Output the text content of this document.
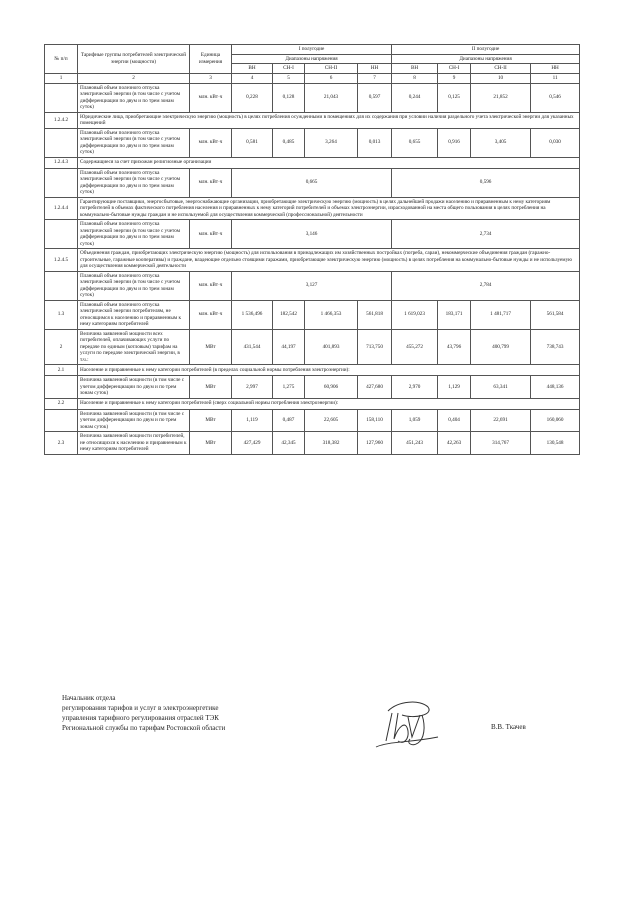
№ п/п	Тарифные группы потребителей электрической энергии (мощности)	Единица измерения	I полугодие				II полугодие			
			Диапазоны напряжения				Диапазоны напряжения			
			ВН	СН-I	СН-II	НН	ВН	СН-I	СН-II	НН
1	2	3	4	5	6	7	8	9	10	11
	Плановый объем полезного отпуска электрической энергии (в том числе с учетом дифференциации по двум и по трем зонам суток)	млн. кВт·ч	0,228	0,128	21,043	0,597	0,244	0,125	21,852	0,546
1.2.4.2	Юридические лица, приобретающие электрическую энергию (мощность) в целях потребления осужденными в помещениях для их содержания при условии наличия раздельного учета электрической энергии для указанных помещений									
	Плановый объем полезного отпуска электрической энергии (в том числе с учетом дифференциации по двум и по трем зонам суток)	млн. кВт·ч	0,581	0,485	3,264	0,013	0,655	0,916	3,405	0,030
1.2.4.3	Содержащиеся за счет прихожан религиозные организации									
	Плановый объем полезного отпуска электрической энергии (в том числе с учетом дифференциации по двум и по трем зонам суток)	млн. кВт·ч	0,665				0,596			
1.2.4.4	Гарантирующие поставщики, энергосбытовые, энергоснабжающие организации, приобретающие электрическую энергию (мощность) в целях дальнейшей продажи населению и приравненным к нему категориям потребителей в объемах фактического потребления населения и приравненных к нему категорий потребителей и объемах электроэнергии, израсходованной на места общего пользования в целях потребления на коммунально-бытовые нужды граждан и не используемой для осуществления коммерческой (профессиональной) деятельности									
	Плановый объем полезного отпуска электрической энергии (в том числе с учетом дифференциации по двум и по трем зонам суток)	млн. кВт·ч	3,146				2,734			
1.2.4.5	Объединения граждан, приобретающих электрическую энергию (мощность) для использования в принадлежащих им хозяйственных постройках (погреба, сараи), некоммерческие объединения граждан (гаражно-строительные, гаражные кооперативы) и граждане, владеющие отдельно стоящими гаражами, приобретающие электрическую энергию (мощность) в целях потребления на коммунально-бытовые нужды и не используемую для осуществления коммерческой деятельности									
	Плановый объем полезного отпуска электрической энергии (в том числе с учетом дифференциации по двум и по трем зонам суток)	млн. кВт·ч	3,127				2,784			
1.3	Плановый объем полезного отпуска электрической энергии потребителям, не относящимся к населению и приравненным к нему категориям потребителей	млн. кВт·ч	1 536,496	182,542	1 466,353	561,818	1 619,023	183,171	1 481,717	561,584
2	Величина заявленной мощности всех потребителей, оплачивающих услуги по передаче по единым (котловым) тарифам на услуги по передаче электрической энергии, в т.ч.:	МВт	431,544	44,197	401,893	713,750	455,272	43,796	400,799	738,743
2.1	Население и приравненные к нему категории потребителей (в пределах социальной нормы потребления электроэнергии):									
	Величина заявленной мощности (в том числе с учетом дифференциации по двум и по трем зонам суток)	МВт	2,997	1,275	60,906	427,680	2,970	1,129	63,341	448,136
2.2	Население и приравненные к нему категории потребителей (сверх социальной нормы потребления электроэнергии):									
	Величина заявленной мощности (в том числе с учетом дифференциации по двум и по трем зонам суток)	МВт	1,119	0,487	22,605	158,110	1,059	0,404	22,691	160,060
2.3	Величина заявленной мощности потребителей, не относящихся к населению и приравненным к нему категориям потребителей	МВт	427,429	42,345	318,382	127,960	451,243	42,263	314,767	130,548
Начальник отдела
регулирования тарифов и услуг в электроэнергетике
управления тарифного регулирования отраслей ТЭК
Региональной службы по тарифам Ростовской области	В.В. Ткачев
